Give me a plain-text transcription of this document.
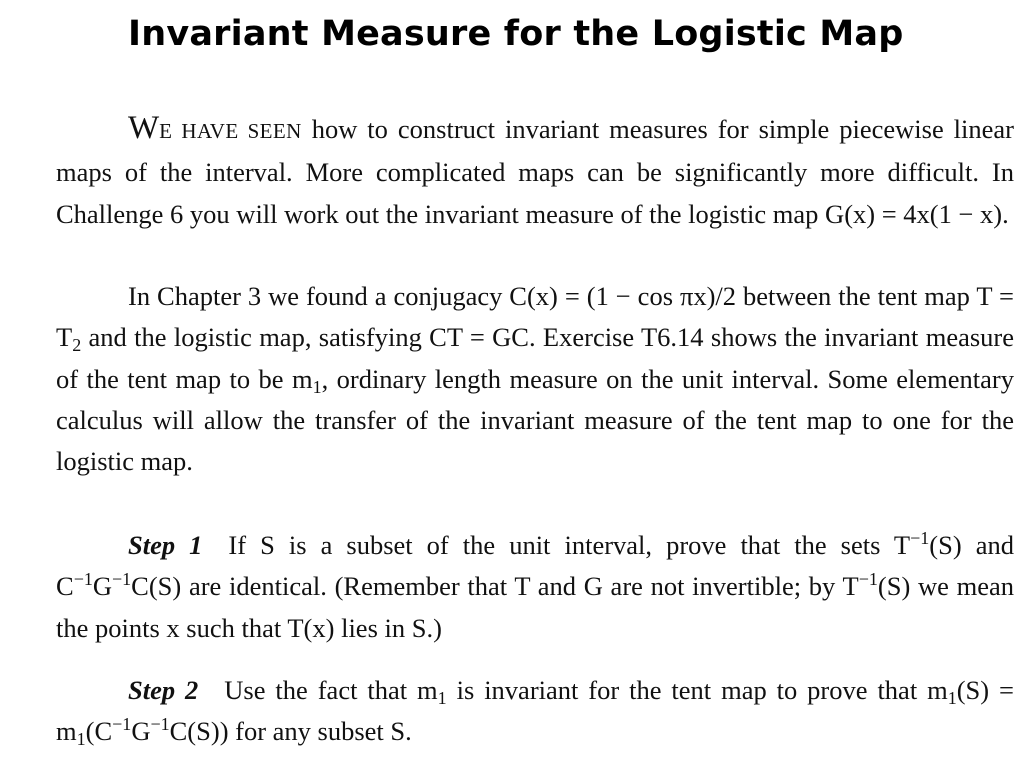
Invariant Measure for the Logistic Map

WE HAVE SEEN how to construct invariant measures for simple piecewise linear maps of the interval. More complicated maps can be significantly more difficult. In Challenge 6 you will work out the invariant measure of the logistic map G(x) = 4x(1 − x).

In Chapter 3 we found a conjugacy C(x) = (1 − cos πx)/2 between the tent map $T = T_2$ and the logistic map, satisfying CT = GC. Exercise T6.14 shows the invariant measure of the tent map to be $m_1$, ordinary length measure on the unit interval. Some elementary calculus will allow the transfer of the invariant measure of the tent map to one for the logistic map.

Step 1 If S is a subset of the unit interval, prove that the sets $T^{-1}(S)$ and $C^{-1}G^{-1}C(S)$ are identical. (Remember that T and G are not invertible; by $T^{-1}(S)$ we mean the points x such that T(x) lies in S.)

Step 2 Use the fact that $m_1$ is invariant for the tent map to prove that $m_1(S) = m_1(C^{-1}G^{-1}C(S))$ for any subset S.
